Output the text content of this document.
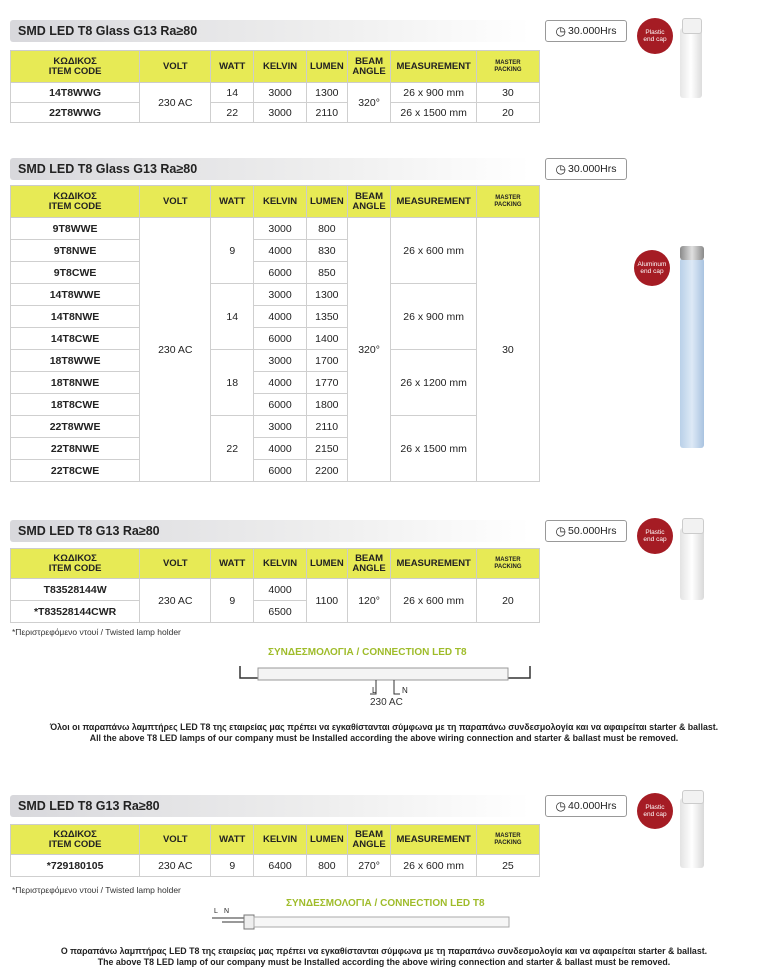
SMD LED T8 Glass G13 Ra≥80	◷ 30.000Hrs	Plastic
end cap
ΚΩΔΙΚΟΣ
ITEM CODE	VOLT	WATT	KELVIN	LUMEN	BEAM
ANGLE	MEASUREMENT	MASTER
PACKING
14T8WWG	230 AC	14	3000	1300	320°	26 x 900 mm	30
22T8WWG		22	3000	2110		26 x 1500 mm	20
SMD LED T8 Glass G13 Ra≥80	◷ 30.000Hrs
Aluminum
end cap
ΚΩΔΙΚΟΣ
ITEM CODE	VOLT	WATT	KELVIN	LUMEN	BEAM
ANGLE	MEASUREMENT	MASTER
PACKING
9T8WWE	230 AC	9	3000	800	320°	26 x 600 mm	30
9T8NWE			4000	830			
9T8CWE			6000	850			
14T8WWE		14	3000	1300		26 x 900 mm	
14T8NWE			4000	1350			
14T8CWE			6000	1400			
18T8WWE		18	3000	1700		26 x 1200 mm	
18T8NWE			4000	1770			
18T8CWE			6000	1800			
22T8WWE		22	3000	2110		26 x 1500 mm	
22T8NWE			4000	2150			
22T8CWE			6000	2200			
SMD LED T8 G13 Ra≥80	◷ 50.000Hrs	Plastic
end cap
ΚΩΔΙΚΟΣ
ITEM CODE	VOLT	WATT	KELVIN	LUMEN	BEAM
ANGLE	MEASUREMENT	MASTER
PACKING
T83528144W	230 AC	9	4000	1100	120°	26 x 600 mm	20
*T83528144CWR			6500				
*Περιστρεφόμενο ντουί / Twisted lamp holder
ΣΥΝΔΕΣΜΟΛΟΓΙΑ / CONNECTION LED T8
L	N
230 AC
Όλοι οι παραπάνω λαμπτήρες LED T8 της εταιρείας μας πρέπει να εγκαθίστανται σύμφωνα με τη παραπάνω συνδεσμολογία και να αφαιρείται starter & ballast.
All the above T8 LED lamps of our company must be Installed according the above wiring connection and starter & ballast must be removed.
SMD LED T8 G13 Ra≥80	◷ 40.000Hrs	Plastic
end cap
ΚΩΔΙΚΟΣ
ITEM CODE	VOLT	WATT	KELVIN	LUMEN	BEAM
ANGLE	MEASUREMENT	MASTER
PACKING
*729180105	230 AC	9	6400	800	270°	26 x 600 mm	25
*Περιστρεφόμενο ντουί / Twisted lamp holder
ΣΥΝΔΕΣΜΟΛΟΓΙΑ / CONNECTION LED T8
L N
Ο παραπάνω λαμπτήρας LED T8 της εταιρείας μας πρέπει να εγκαθίστανται σύμφωνα με τη παραπάνω συνδεσμολογία και να αφαιρείται starter & ballast.
The above T8 LED lamp of our company must be Installed according the above wiring connection and starter & ballast must be removed.
